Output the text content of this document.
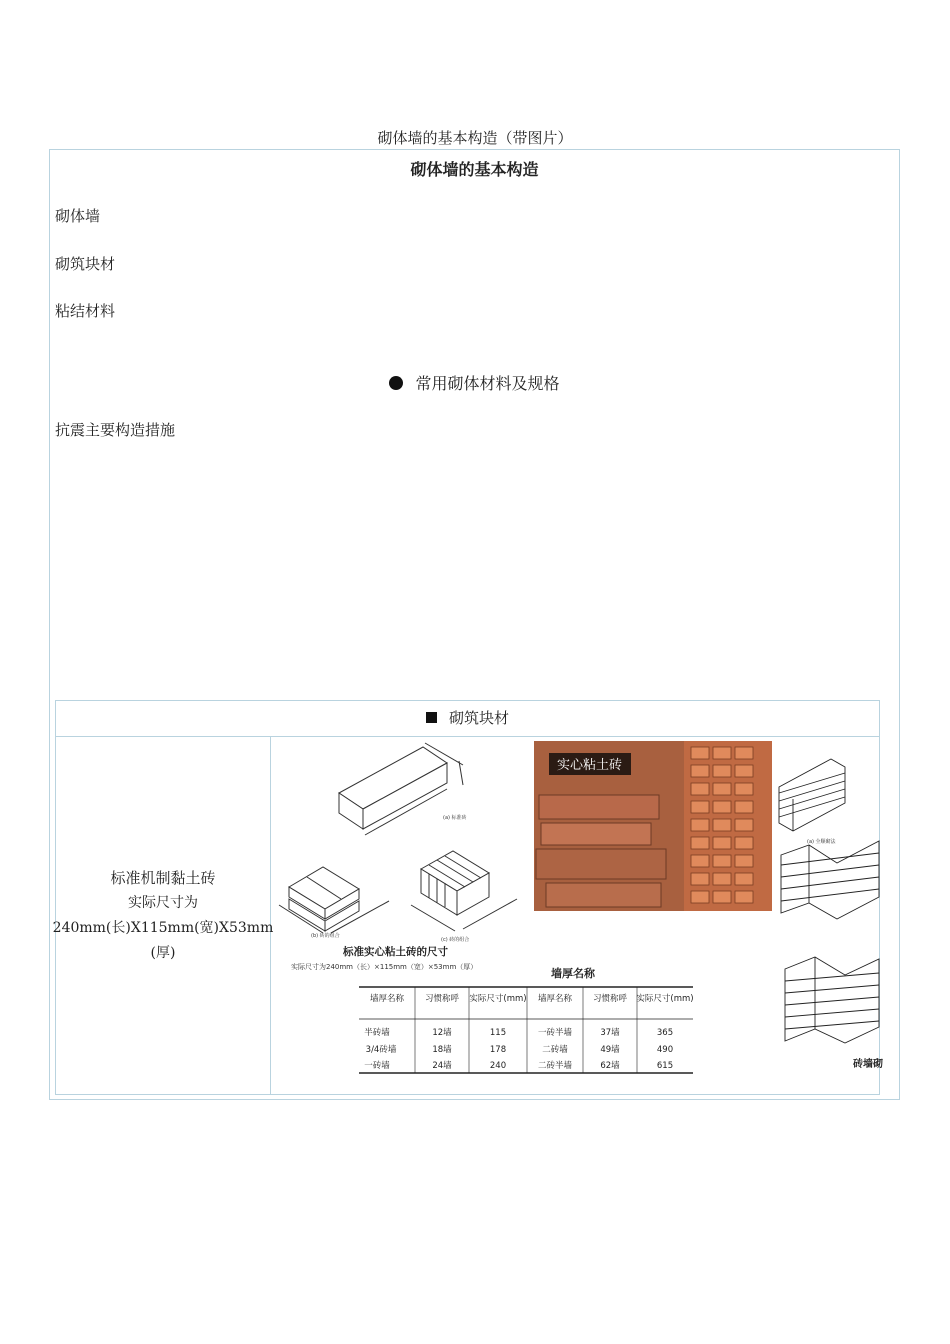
砌体墙的基本构造（带图片）
砌体墙的基本构造
砌体墙
砌筑块材
粘结材料
常用砌体材料及规格
抗震主要构造措施
砌筑块材
标准机制黏土砖
实际尺寸为
240mm(长)X115mm(宽)X53mm
(厚)
(a) 标准砖
(b) 砖的组合
(c) 砖的组合
标准实心粘土砖的尺寸
实际尺寸为240mm（长）×115mm（宽）×53mm（厚）
实心粘土砖
(a) 全顺砌法
砖墙砌
墙厚名称
墙厚名称 习惯称呼 实际尺寸(mm) 墙厚名称 习惯称呼 实际尺寸(mm)
半砖墙	12墙	115	一砖半墙	37墙	365
3/4砖墙	18墙	178	二砖墙	49墙	490
一砖墙	24墙	240	二砖半墙	62墙	615
